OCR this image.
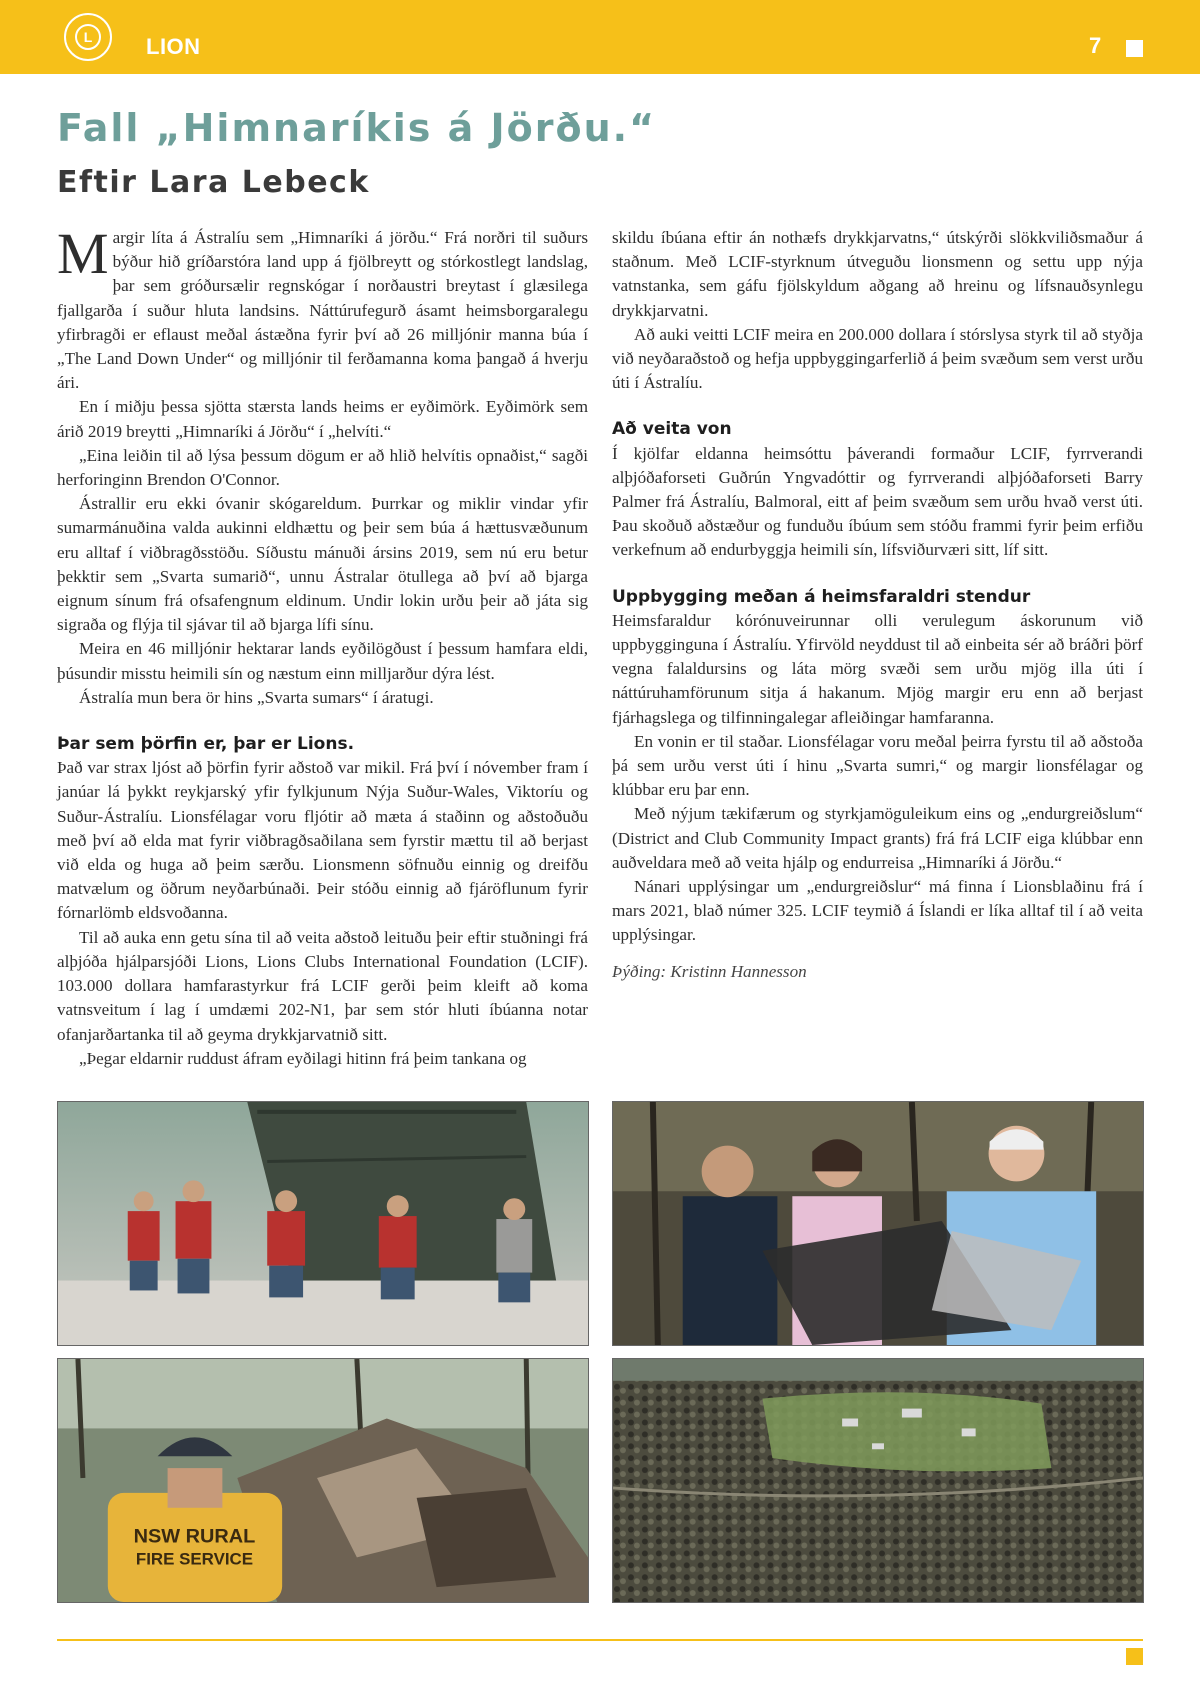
L	LION	7
Fall „Himnaríkis á Jörðu.“
Eftir Lara Lebeck

Margir líta á Ástralíu sem „Himnaríki á jörðu.“ Frá norðri til suðurs býður hið gríðarstóra land upp á fjölbreytt og stórkostlegt landslag, þar sem gróðursælir regnskógar í norðaustri breytast í glæsilega fjallgarða í suður hluta landsins. Náttúrufegurð ásamt heimsborgaralegu yfirbragði er eflaust meðal ástæðna fyrir því að 26 milljónir manna búa í „The Land Down Under“ og milljónir til ferðamanna koma þangað á hverju ári.

En í miðju þessa sjötta stærsta lands heims er eyðimörk. Eyðimörk sem árið 2019 breytti „Himnaríki á Jörðu“ í „helvíti.“

„Eina leiðin til að lýsa þessum dögum er að hlið helvítis opnaðist,“ sagði herforinginn Brendon O'Connor.

Ástrallir eru ekki óvanir skógareldum. Þurrkar og miklir vindar yfir sumarmánuðina valda aukinni eldhættu og þeir sem búa á hættusvæðunum eru alltaf í viðbragðsstöðu. Síðustu mánuði ársins 2019, sem nú eru betur þekktir sem „Svarta sumarið“, unnu Ástralar ötullega að því að bjarga eignum sínum frá ofsafengnum eldinum. Undir lokin urðu þeir að játa sig sigraða og flýja til sjávar til að bjarga lífi sínu.

Meira en 46 milljónir hektarar lands eyðilögðust í þessum hamfara eldi, þúsundir misstu heimili sín og næstum einn milljarður dýra lést.

Ástralía mun bera ör hins „Svarta sumars“ í áratugi.

Þar sem þörfin er, þar er Lions.

Það var strax ljóst að þörfin fyrir aðstoð var mikil. Frá því í nóvember fram í janúar lá þykkt reykjarský yfir fylkjunum Nýja Suður-Wales, Viktoríu og Suður-Ástralíu. Lionsfélagar voru fljótir að mæta á staðinn og aðstoðuðu með því að elda mat fyrir viðbragðsaðilana sem fyrstir mættu til að berjast við elda og huga að þeim særðu. Lionsmenn söfnuðu einnig og dreifðu matvælum og öðrum neyðarbúnaði. Þeir stóðu einnig að fjáröflunum fyrir fórnarlömb eldsvoðanna.

Til að auka enn getu sína til að veita aðstoð leituðu þeir eftir stuðningi frá alþjóða hjálparsjóði Lions, Lions Clubs International Foundation (LCIF). 103.000 dollara hamfarastyrkur frá LCIF gerði þeim kleift að koma vatnsveitum í lag í umdæmi 202-N1, þar sem stór hluti íbúanna notar ofanjarðartanka til að geyma drykkjarvatnið sitt.

„Þegar eldarnir ruddust áfram eyðilagi hitinn frá þeim tankana og

skildu íbúana eftir án nothæfs drykkjarvatns,“ útskýrði slökkviliðsmaður á staðnum. Með LCIF-styrknum útveguðu lionsmenn og settu upp nýja vatnstanka, sem gáfu fjölskyldum aðgang að hreinu og lífsnauðsynlegu drykkjarvatni.

Að auki veitti LCIF meira en 200.000 dollara í stórslysa styrk til að styðja við neyðaraðstoð og hefja uppbyggingarferlið á þeim svæðum sem verst urðu úti í Ástralíu.

Að veita von

Í kjölfar eldanna heimsóttu þáverandi formaður LCIF, fyrrverandi alþjóðaforseti Guðrún Yngvadóttir og fyrrverandi alþjóðaforseti Barry Palmer frá Ástralíu, Balmoral, eitt af þeim svæðum sem urðu hvað verst úti. Þau skoðuð aðstæður og funduðu íbúum sem stóðu frammi fyrir þeim erfiðu verkefnum að endurbyggja heimili sín, lífsviðurværi sitt, líf sitt.

Uppbygging meðan á heimsfaraldri stendur

Heimsfaraldur kórónuveirunnar olli verulegum áskorunum við uppbygginguna í Ástralíu. Yfirvöld neyddust til að einbeita sér að bráðri þörf vegna falaldursins og láta mörg svæði sem urðu mjög illa úti í náttúruhamförunum sitja á hakanum. Mjög margir eru enn að berjast fjárhagslega og tilfinningalegar afleiðingar hamfaranna.

En vonin er til staðar. Lionsfélagar voru meðal þeirra fyrstu til að aðstoða þá sem urðu verst úti í hinu „Svarta sumri,“ og margir lionsfélagar og klúbbar eru þar enn.

Með nýjum tækifærum og styrkjamöguleikum eins og „endurgreiðslum“ (District and Club Community Impact grants) frá frá LCIF eiga klúbbar enn auðveldara með að veita hjálp og endurreisa „Himnaríki á Jörðu.“

Nánari upplýsingar um „endurgreiðslur“ má finna í Lionsblaðinu frá í mars 2021, blað númer 325. LCIF teymið á Íslandi er líka alltaf til í að veita upplýsingar.

Þýðing: Kristinn Hannesson

NSW RURAL
FIRE SERVICE
